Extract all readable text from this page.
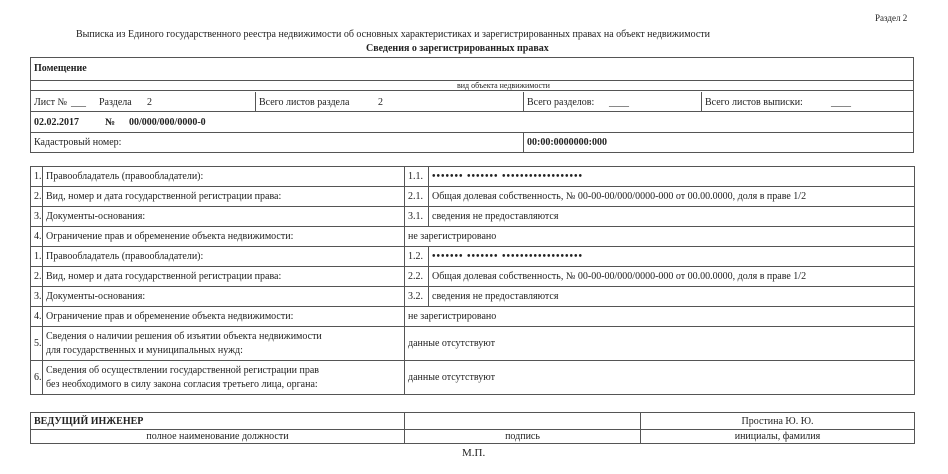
Раздел 2
Выписка из Единого государственного реестра недвижимости об основных характеристиках и зарегистрированных правах на объект недвижимости
Сведения о зарегистрированных правах
Помещение
вид объекта недвижимости
Лист № ___ Раздела 2	Всего листов раздела	2	Всего разделов: ____	Всего листов выписки:	____
02.02.2017	№ 00/000/000/0000-0
Кадастровый номер:	00:00:0000000:000
1.	Правообладатель (правообладатели):	1.1.	••••••• ••••••• ••••••••••••••••••
2.	Вид, номер и дата государственной регистрации права:	2.1.	Общая долевая собственность, № 00-00-00/000/0000-000 от 00.00.0000, доля в праве 1/2
3.	Документы-основания:	3.1.	сведения не предоставляются
4.	Ограничение прав и обременение объекта недвижимости:	не зарегистрировано	
1.	Правообладатель (правообладатели):	1.2.	••••••• ••••••• ••••••••••••••••••
2.	Вид, номер и дата государственной регистрации права:	2.2.	Общая долевая собственность, № 00-00-00/000/0000-000 от 00.00.0000, доля в праве 1/2
3.	Документы-основания:	3.2.	сведения не предоставляются
4.	Ограничение прав и обременение объекта недвижимости:	не зарегистрировано	
5.	Сведения о наличии решения об изъятии объекта недвижимости
для государственных и муниципальных нужд:	данные отсутствуют	
6.	Сведения об осуществлении государственной регистрации прав
без необходимого в силу закона согласия третьего лица, органа:	данные отсутствуют	
ВЕДУЩИЙ ИНЖЕНЕР		Простина Ю. Ю.
полное наименование должности	подпись	инициалы, фамилия
М.П.
